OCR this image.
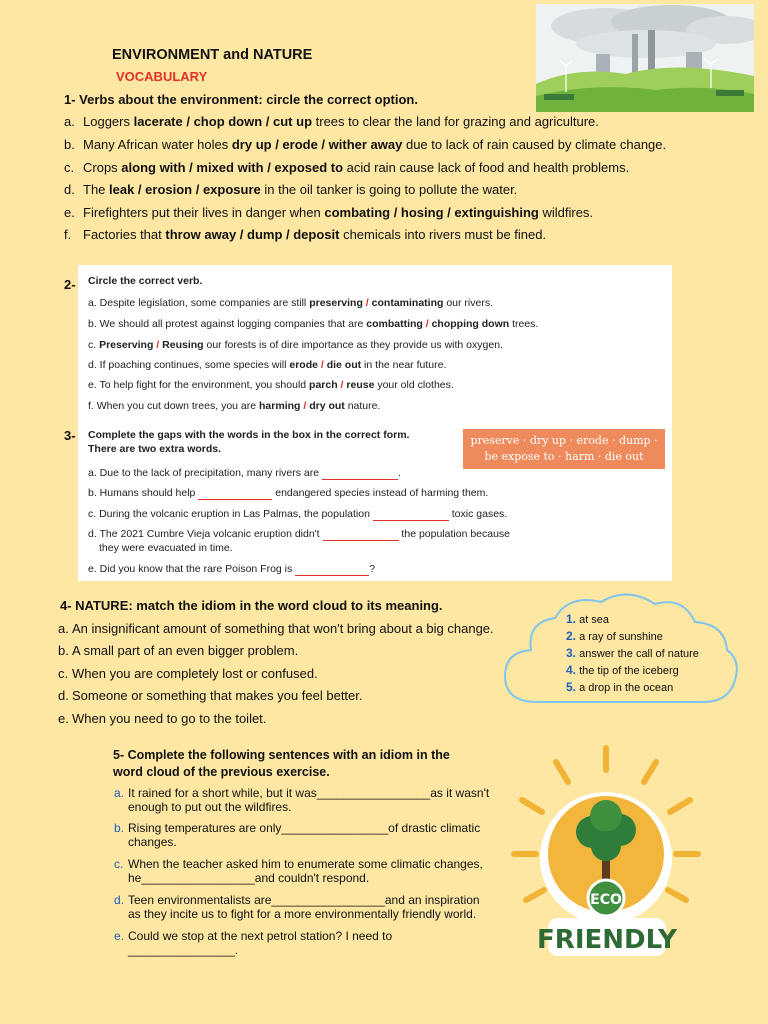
ENVIRONMENT and NATURE
VOCABULARY
1- Verbs about the environment: circle the correct option.
a. Loggers lacerate / chop down / cut up trees to clear the land for grazing and agriculture.
b. Many African water holes dry up / erode / wither away due to lack of rain caused by climate change.
c. Crops along with / mixed with / exposed to acid rain cause lack of food and health problems.
d. The leak / erosion / exposure in the oil tanker is going to pollute the water.
e. Firefighters put their lives in danger when combating / hosing / extinguishing wildfires.
f. Factories that throw away / dump / deposit chemicals into rivers must be fined.
2-
3-
Circle the correct verb.
a. Despite legislation, some companies are still preserving / contaminating our rivers.
b. We should all protest against logging companies that are combatting / chopping down trees.
c. Preserving / Reusing our forests is of dire importance as they provide us with oxygen.
d. If poaching continues, some species will erode / die out in the near future.
e. To help fight for the environment, you should parch / reuse your old clothes.
f. When you cut down trees, you are harming / dry out nature.
Complete the gaps with the words in the box in the correct form.
There are two extra words.
a. Due to the lack of precipitation, many rivers are	.
b. Humans should help	endangered species instead of harming them.
c. During the volcanic eruption in Las Palmas, the population	toxic gases.
d. The 2021 Cumbre Vieja volcanic eruption didn't	the population because
they were evacuated in time.
e. Did you know that the rare Poison Frog is	?
preserve · dry up · erode · dump ·
be expose to · harm · die out
4- NATURE: match the idiom in the word cloud to its meaning.
a. An insignificant amount of something that won't bring about a big change.
b. A small part of an even bigger problem.
c. When you are completely lost or confused.
d. Someone or something that makes you feel better.
e. When you need to go to the toilet.
1. at sea
2. a ray of sunshine
3. answer the call of nature
4. the tip of the iceberg
5. a drop in the ocean
5- Complete the following sentences with an idiom in the
word cloud of the previous exercise.
a. It rained for a short while, but it was_________________as it wasn't
enough to put out the wildfires.
b. Rising temperatures are only________________of drastic climatic
changes.
c. When the teacher asked him to enumerate some climatic changes,
he_________________and couldn't respond.
d. Teen environmentalists are_________________and an inspiration
as they incite us to fight for a more environmentally friendly world.
e. Could we stop at the next petrol station? I need to
________________.
ECO
FRIENDLY
